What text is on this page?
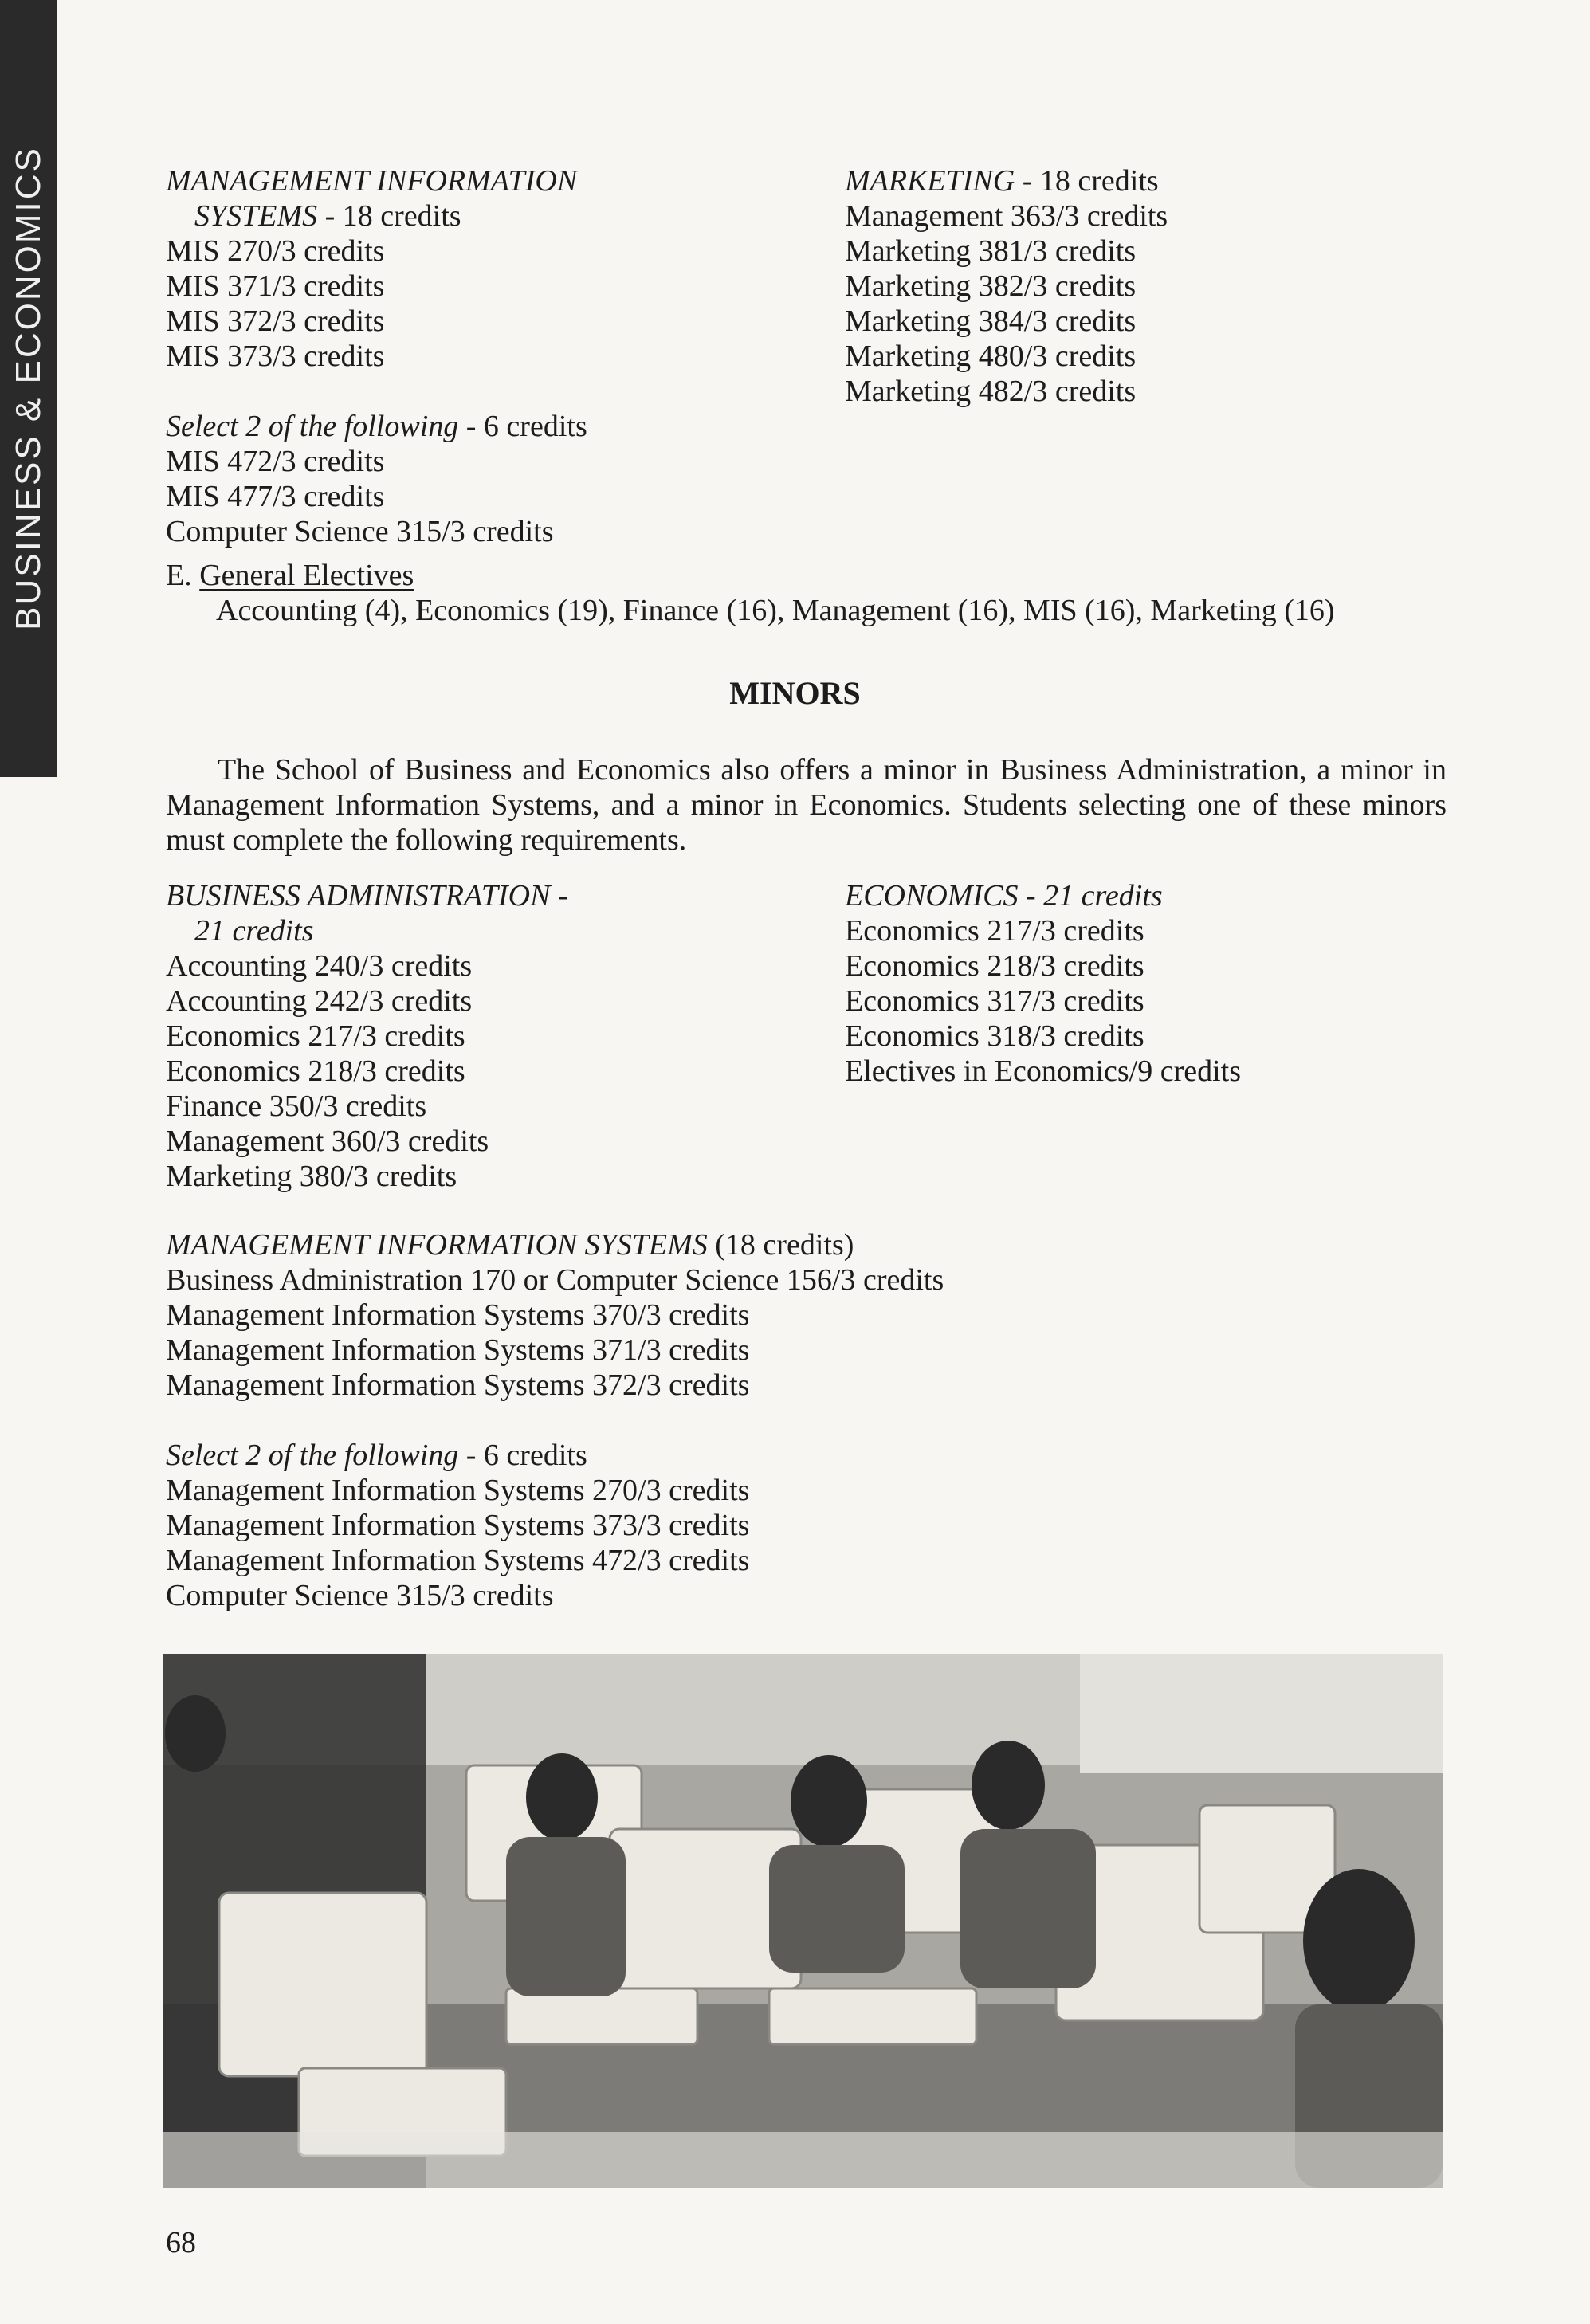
BUSINESS & ECONOMICS	MANAGEMENT INFORMATION
SYSTEMS - 18 credits
MIS 270/3 credits
MIS 371/3 credits
MIS 372/3 credits
MIS 373/3 credits
Select 2 of the following - 6 credits
MIS 472/3 credits
MIS 477/3 credits
Computer Science 315/3 credits
MARKETING - 18 credits
Management 363/3 credits
Marketing 381/3 credits
Marketing 382/3 credits
Marketing 384/3 credits
Marketing 480/3 credits
Marketing 482/3 credits
E. General Electives
Accounting (4), Economics (19), Finance (16), Management (16), MIS (16), Marketing (16)
MINORS
The School of Business and Economics also offers a minor in Business Administration, a minor in Management Information Systems, and a minor in Economics. Students selecting one of these minors must complete the following requirements.
BUSINESS ADMINISTRATION -
21 credits
Accounting 240/3 credits
Accounting 242/3 credits
Economics 217/3 credits
Economics 218/3 credits
Finance 350/3 credits
Management 360/3 credits
Marketing 380/3 credits
ECONOMICS - 21 credits
Economics 217/3 credits
Economics 218/3 credits
Economics 317/3 credits
Economics 318/3 credits
Electives in Economics/9 credits
MANAGEMENT INFORMATION SYSTEMS (18 credits)
Business Administration 170 or Computer Science 156/3 credits
Management Information Systems 370/3 credits
Management Information Systems 371/3 credits
Management Information Systems 372/3 credits
Select 2 of the following - 6 credits
Management Information Systems 270/3 credits
Management Information Systems 373/3 credits
Management Information Systems 472/3 credits
Computer Science 315/3 credits
68
